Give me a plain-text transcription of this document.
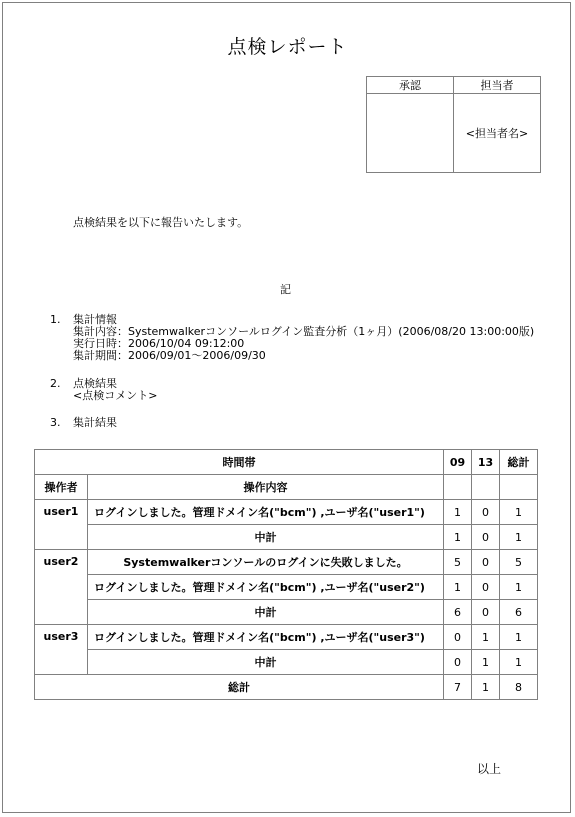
点検レポート
承認	担当者
	<担当者名>
点検結果を以下に報告いたします。
記
1. 集計情報
集計内容：Systemwalkerコンソールログイン監査分析（1ヶ月）(2006/08/20 13:00:00版)
実行日時：2006/10/04 09:12:00
集計期間：2006/09/01～2006/09/30
2. 点検結果
<点検コメント>
3. 集計結果
時間帯		09	13	総計
操作者	操作内容			
user1	ログインしました。管理ドメイン名("bcm") ,ユーザ名("user1")	1	0	1
	中計	1	0	1
user2	Systemwalkerコンソールのログインに失敗しました。	5	0	5
	ログインしました。管理ドメイン名("bcm") ,ユーザ名("user2")	1	0	1
	中計	6	0	6
user3	ログインしました。管理ドメイン名("bcm") ,ユーザ名("user3")	0	1	1
	中計	0	1	1
総計		7	1	8
以上
